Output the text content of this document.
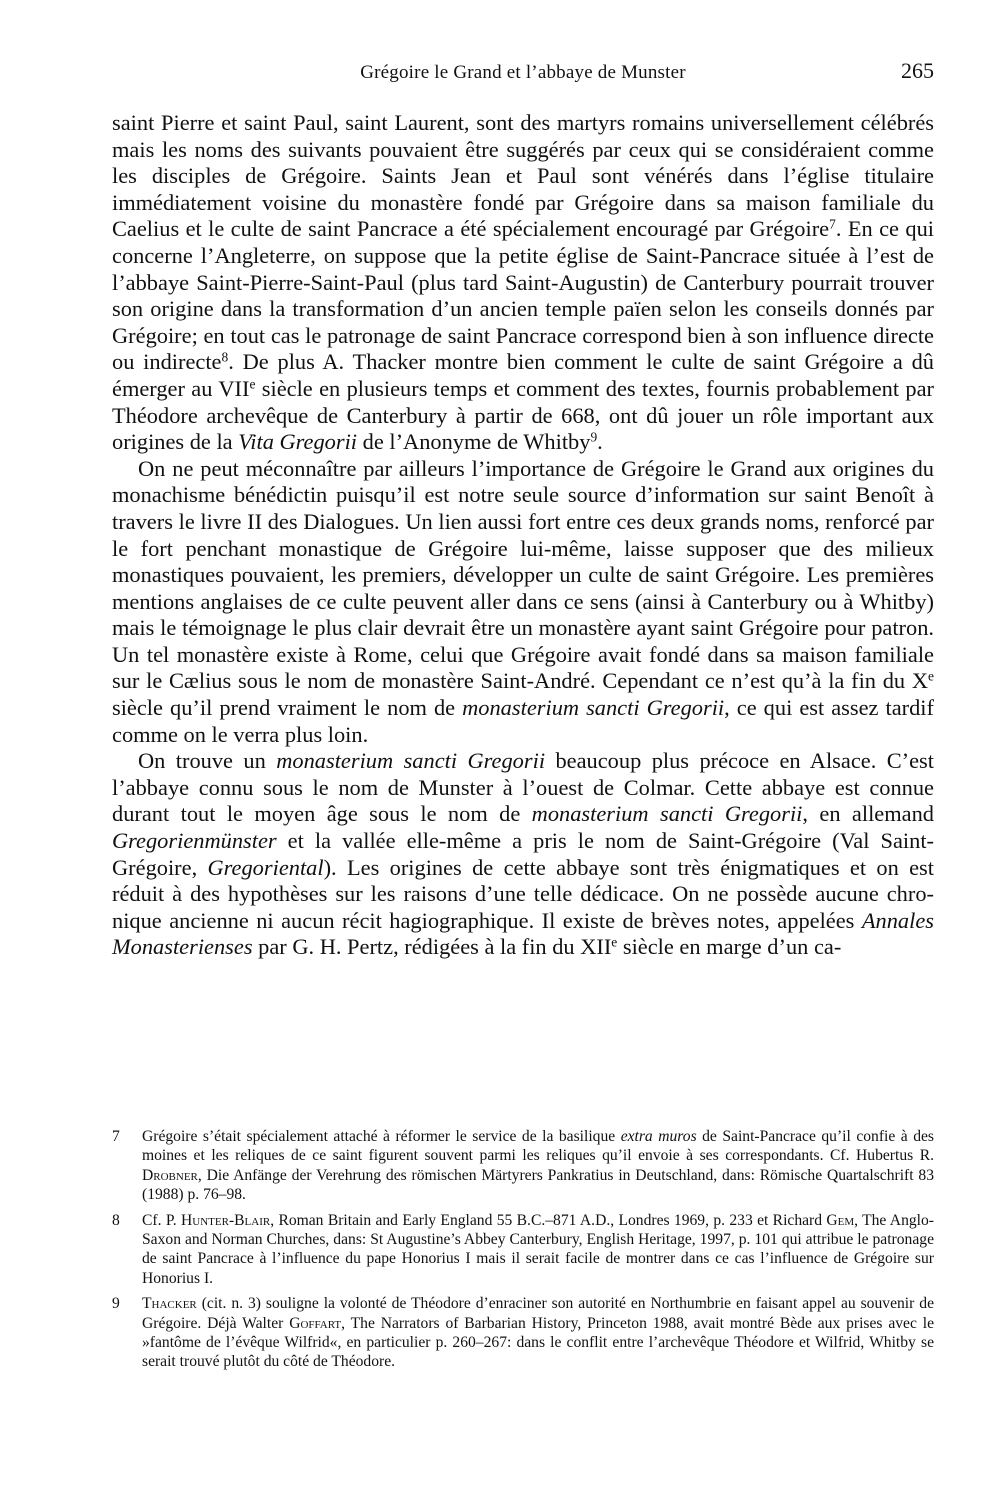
Grégoire le Grand et l’abbaye de Munster	265

saint Pierre et saint Paul, saint Laurent, sont des martyrs romains universellement célébrés mais les noms des suivants pouvaient être suggérés par ceux qui se considéraient comme les disciples de Grégoire. Saints Jean et Paul sont vénérés dans l’église titulaire immédiatement voisine du monastère fondé par Grégoire dans sa maison familiale du Caelius et le culte de saint Pancrace a été spécialement encouragé par Grégoire$^7$. En ce qui concerne l’Angleterre, on suppose que la petite église de Saint-Pancrace située à l’est de l’abbaye Saint-Pierre-Saint-Paul (plus tard Saint-Augustin) de Canterbury pourrait trouver son origine dans la transformation d’un ancien temple païen selon les conseils donnés par Grégoire; en tout cas le patronage de saint Pancrace correspond bien à son influence directe ou indirecte$^8$. De plus A. Thacker montre bien comment le culte de saint Grégoire a dû émerger au VIIe siècle en plusieurs temps et comment des textes, fournis probablement par Théodore archevêque de Canterbury à partir de 668, ont dû jouer un rôle important aux origines de la Vita Gregorii de l’Anonyme de Whitby$^9$.

On ne peut méconnaître par ailleurs l’importance de Grégoire le Grand aux origines du monachisme bénédictin puisqu’il est notre seule source d’information sur saint Benoît à travers le livre II des Dialogues. Un lien aussi fort entre ces deux grands noms, renforcé par le fort penchant monastique de Grégoire lui-même, laisse supposer que des milieux monastiques pouvaient, les premiers, développer un culte de saint Grégoire. Les premières mentions anglaises de ce culte peuvent aller dans ce sens (ainsi à Canterbury ou à Whitby) mais le témoignage le plus clair devrait être un monastère ayant saint Grégoire pour patron. Un tel monastère existe à Rome, celui que Grégoire avait fondé dans sa maison familiale sur le Cælius sous le nom de monastère Saint-André. Cependant ce n’est qu’à la fin du Xe siècle qu’il prend vraiment le nom de monasterium sancti Gregorii, ce qui est assez tardif comme on le verra plus loin.

On trouve un monasterium sancti Gregorii beaucoup plus précoce en Alsace. C’est l’abbaye connu sous le nom de Munster à l’ouest de Colmar. Cette abbaye est connue durant tout le moyen âge sous le nom de monasterium sancti Gregorii, en allemand Gregorienmünster et la vallée elle-même a pris le nom de Saint-Grégoire (Val Saint-Grégoire, Gregoriental). Les origines de cette abbaye sont très énigmatiques et on est réduit à des hypothèses sur les raisons d’une telle dédicace. On ne possède aucune chronique ancienne ni aucun récit hagiographique. Il existe de brèves notes, appelées Annales Monasterienses par G. H. Pertz, rédigées à la fin du XIIe siècle en marge d’un ca-

7	Grégoire s’était spécialement attaché à réformer le service de la basilique extra muros de Saint-Pancrace qu’il confie à des moines et les reliques de ce saint figurent souvent parmi les reliques qu’il envoie à ses correspondants. Cf. Hubertus R. Drobner, Die Anfänge der Verehrung des römischen Märtyrers Pankratius in Deutschland, dans: Römische Quartalschrift 83 (1988) p. 76–98.
8	Cf. P. Hunter-Blair, Roman Britain and Early England 55 B.C.–871 A.D., Londres 1969, p. 233 et Richard Gem, The Anglo-Saxon and Norman Churches, dans: St Augustine’s Abbey Canterbury, English Heritage, 1997, p. 101 qui attribue le patronage de saint Pancrace à l’influence du pape Honorius I mais il serait facile de montrer dans ce cas l’influence de Grégoire sur Honorius I.
9	Thacker (cit. n. 3) souligne la volonté de Théodore d’enraciner son autorité en Northumbrie en faisant appel au souvenir de Grégoire. Déjà Walter Goffart, The Narrators of Barbarian History, Princeton 1988, avait montré Bède aux prises avec le »fantôme de l’évêque Wilfrid«, en particulier p. 260–267: dans le conflit entre l’archevêque Théodore et Wilfrid, Whitby se serait trouvé plutôt du côté de Théodore.
